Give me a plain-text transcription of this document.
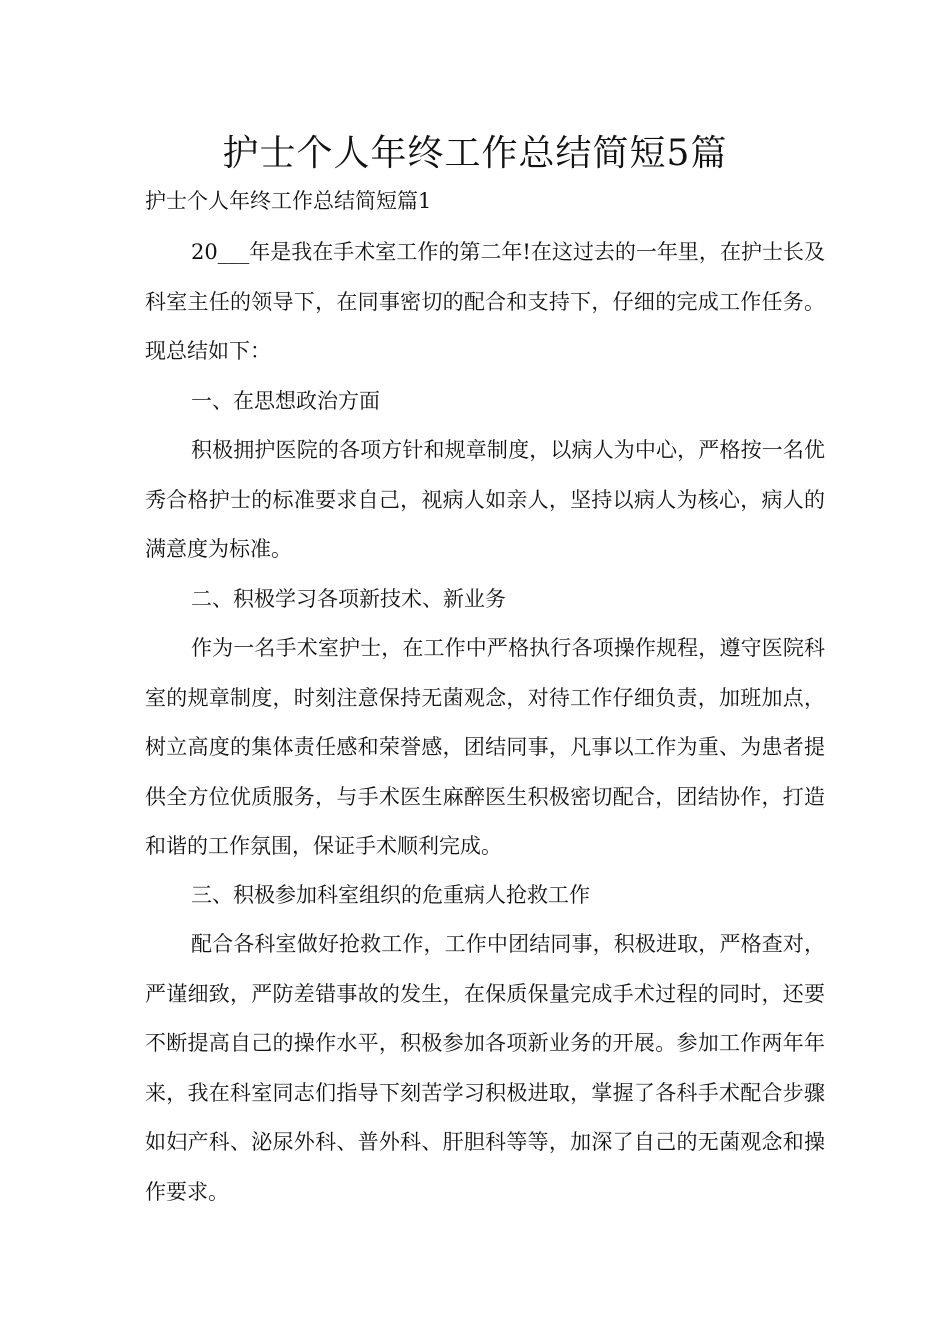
护士个人年终工作总结简短5篇
护士个人年终工作总结简短篇1

20___年是我在手术室工作的第二年!在这过去的一年里，在护士长及科室主任的领导下，在同事密切的配合和支持下，仔细的完成工作任务。现总结如下：

一、在思想政治方面

积极拥护医院的各项方针和规章制度，以病人为中心，严格按一名优秀合格护士的标准要求自己，视病人如亲人，坚持以病人为核心，病人的满意度为标准。

二、积极学习各项新技术、新业务

作为一名手术室护士，在工作中严格执行各项操作规程，遵守医院科室的规章制度，时刻注意保持无菌观念，对待工作仔细负责，加班加点，树立高度的集体责任感和荣誉感，团结同事，凡事以工作为重、为患者提供全方位优质服务，与手术医生麻醉医生积极密切配合，团结协作，打造和谐的工作氛围，保证手术顺利完成。

三、积极参加科室组织的危重病人抢救工作

配合各科室做好抢救工作，工作中团结同事，积极进取，严格查对，严谨细致，严防差错事故的发生，在保质保量完成手术过程的同时，还要不断提高自己的操作水平，积极参加各项新业务的开展。参加工作两年年来，我在科室同志们指导下刻苦学习积极进取，掌握了各科手术配合步骤如妇产科、泌尿外科、普外科、肝胆科等等，加深了自己的无菌观念和操作要求。
